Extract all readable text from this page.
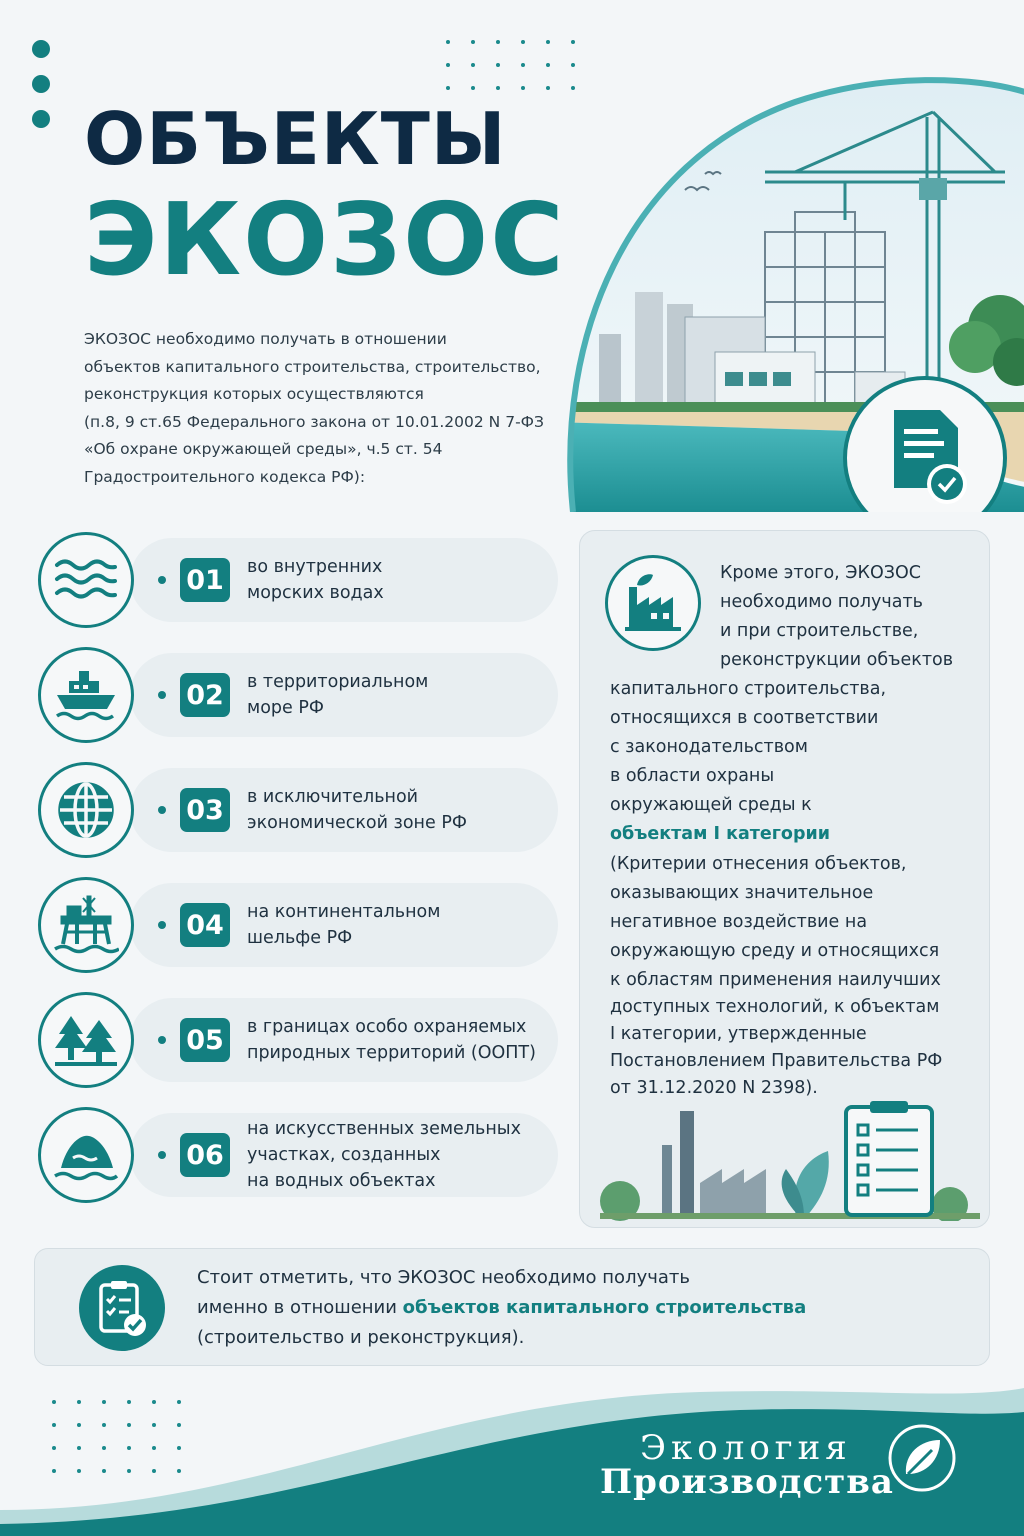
ОБЪЕКТЫ
ЭКОЗОС

ЭКОЗОС необходимо получать в отношении

объектов капитального строительства, строительство,

реконструкция которых осуществляются

(п.8, 9 ст.65 Федерального закона от 10.01.2002 N 7-ФЗ

«Об охране окружающей среды», ч.5 ст. 54

Градостроительного кодекса РФ):

01	во внутренних
морских водах
02	в территориальном
море РФ
03	в исключительной
экономической зоне РФ
04	на континентальном
шельфе РФ
05	в границах особо охраняемых
природных территорий (ООПТ)
06
на искусственных земельных
участках, созданных
на водных объектах
Кроме этого, ЭКОЗОС
необходимо получать
и при строительстве,
реконструкции объектов
капитального строительства,
относящихся в соответствии
с законодательством
в области охраны
окружающей среды к
объектам I категории
(Критерии отнесения объектов,
оказывающих значительное
негативное воздействие на
окружающую среду и относящихся
к областям применения наилучших
доступных технологий, к объектам
I категории, утвержденные
Постановлением Правительства РФ
от 31.12.2020 N 2398).
Стоит отметить, что ЭКОЗОС необходимо получать
именно в отношении объектов капитального строительства
(строительство и реконструкция).
Экология
Производства
